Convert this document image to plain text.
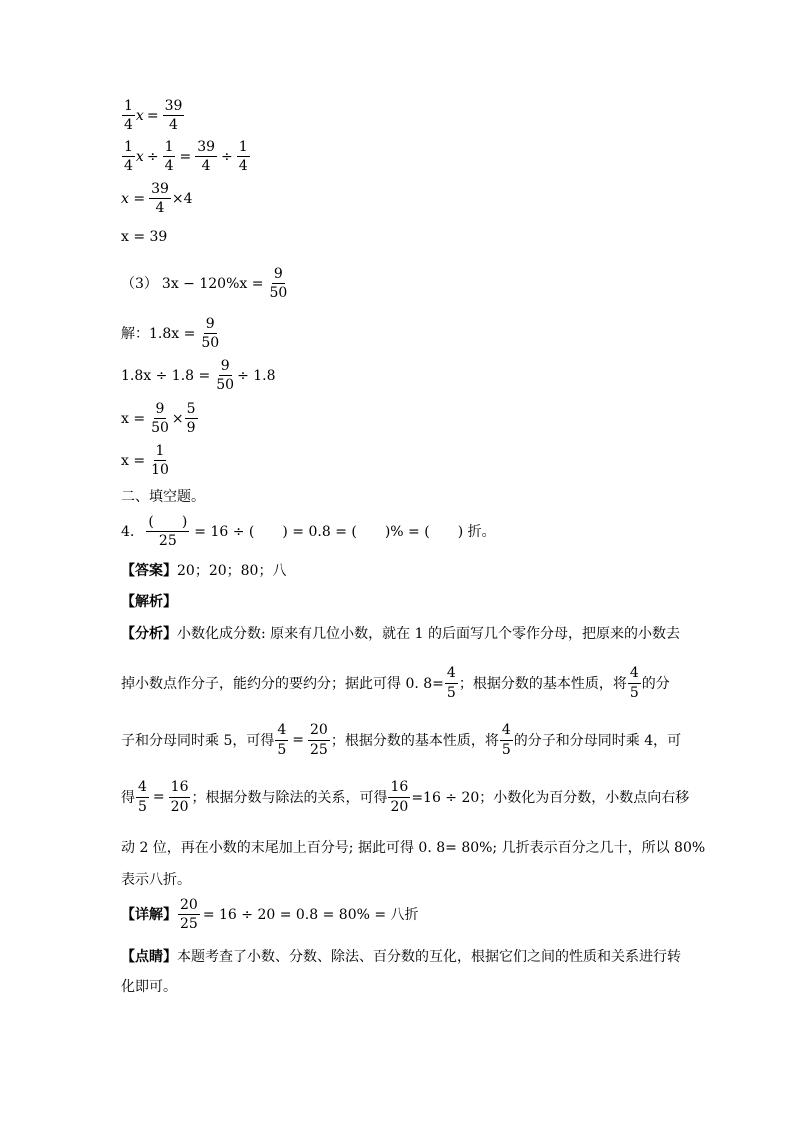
1
4
$x = \frac{39}{4}$
1
4
$x \div \frac{1}{4} = \frac{39}{4} \div \frac{1}{4}$
$x = \frac{39}{4} \times 4$
x = 39
（3） $3x - 120\%x = \frac{9}{50}$
解： $1.8x = \frac{9}{50}$
$1.8x \div 1.8 = \frac{9}{50} \div 1.8$
$x = \frac{9}{50} \times \frac{5}{9}$
$x = \frac{1}{10}$
二、填空题。
4.
(　　)
25
= 16 ÷ (　　) = 0.8 = (　　)% = (　　) 折。
【答案】20；20；80；八
【解析】
【分析】 小数化成分数: 原来有几位小数，就在 1 的后面写几个零作分母，把原来的小数去
掉小数点作分子，能约分的要约分；据此可得 0. $8= \frac{4}{5}$ ；根据分数的基本性质，将
4
5
的分
子和分母同时乘 5，可得 $\frac{4}{5} = \frac{20}{25}$ ；根据分数的基本性质，将
4
5
的分子和分母同时乘 4，可
得 $\frac{4}{5} = \frac{16}{20}$ ；根据分数与除法的关系，可得 $\frac{16}{20} =16 \div 20$；小数化为百分数，小数点向右移
动 2 位，再在小数的末尾加上百分号; 据此可得 0. 8= 80%; 几折表示百分之几十，所以 80%
表示八折。
【详解】 $\frac{20}{25} = 16 \div 20 = 0.8 = 80\%$ = 八折
【点睛】 本题考查了小数、分数、除法、百分数的互化，根据它们之间的性质和关系进行转
化即可。
